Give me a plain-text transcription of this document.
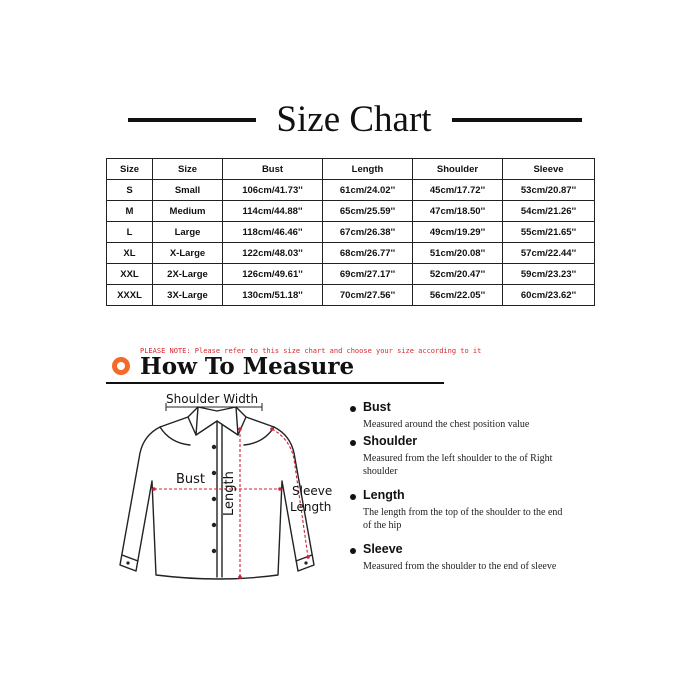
Size Chart
Size	Size	Bust	Length	Shoulder	Sleeve
S	Small	106cm/41.73''	61cm/24.02''	45cm/17.72''	53cm/20.87''
M	Medium	114cm/44.88''	65cm/25.59''	47cm/18.50''	54cm/21.26''
L	Large	118cm/46.46''	67cm/26.38''	49cm/19.29''	55cm/21.65''
XL	X-Large	122cm/48.03''	68cm/26.77''	51cm/20.08''	57cm/22.44''
XXL	2X-Large	126cm/49.61''	69cm/27.17''	52cm/20.47''	59cm/23.23''
XXXL	3X-Large	130cm/51.18''	70cm/27.56''	56cm/22.05''	60cm/23.62''
PLEASE NOTE: Please refer to this size chart and choose your size according to it
How To Measure
Shoulder Width
Bust Length	Sleeve
Length
Bust
Measured around the chest position value
Shoulder
Measured from the left shoulder to the of Right shoulder
Length
The length from the top of the shoulder to the end of the hip
Sleeve
Measured from the shoulder to the end of sleeve
